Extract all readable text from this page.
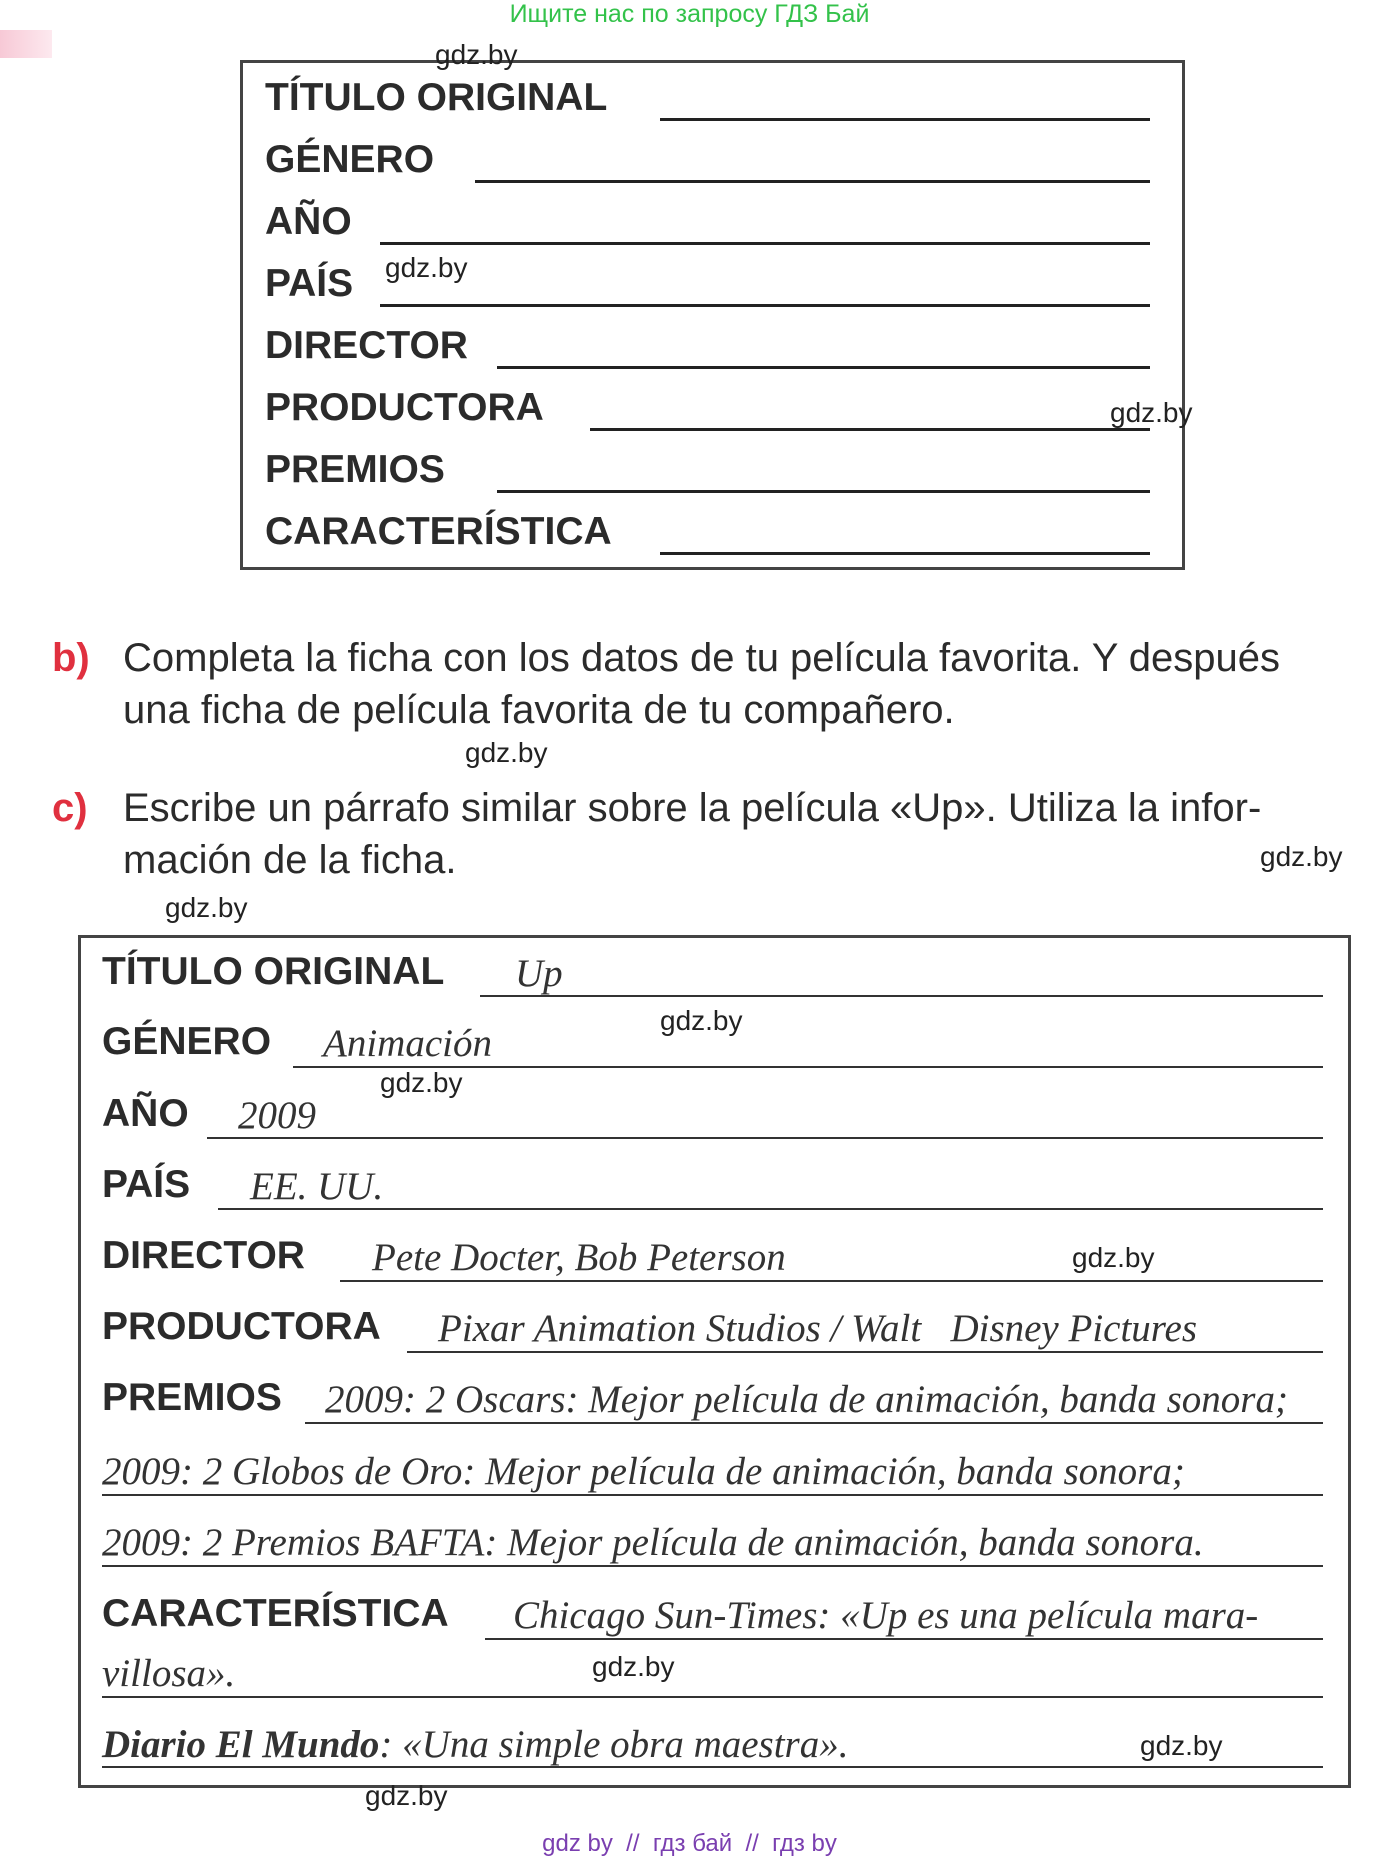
Ищите нас по запросу ГДЗ Бай
TÍTULO ORIGINAL
GÉNERO
AÑO
PAÍS
DIRECTOR
PRODUCTORA
PREMIOS
CARACTERÍSTICA
gdz.by
gdz.by
gdz.by
b) Completa la ficha con los datos de tu película favorita. Y después
una ficha de película favorita de tu compañero.
gdz.by
c) Escribe un párrafo similar sobre la película «Up». Utiliza la infor-
mación de la ficha.	gdz.by
gdz.by
TÍTULO ORIGINAL Up
GÉNERO Animación
AÑO 2009
PAÍS EE. UU.
DIRECTOR Pete Docter, Bob Peterson
PRODUCTORA Pixar Animation Studios / Walt   Disney Pictures
PREMIOS 2009: 2 Oscars: Mejor película de animación, banda sonora;
2009: 2 Globos de Oro: Mejor película de animación, banda sonora;
2009: 2 Premios BAFTA: Mejor película de animación, banda sonora.
CARACTERÍSTICA Chicago Sun-Times: «Up es una película mara-
villosa».
Diario El Mundo: «Una simple obra maestra».
gdz.by
gdz.by
gdz.by
gdz.by
gdz.by
gdz.by
gdz by  //  гдз бай  //  гдз by
